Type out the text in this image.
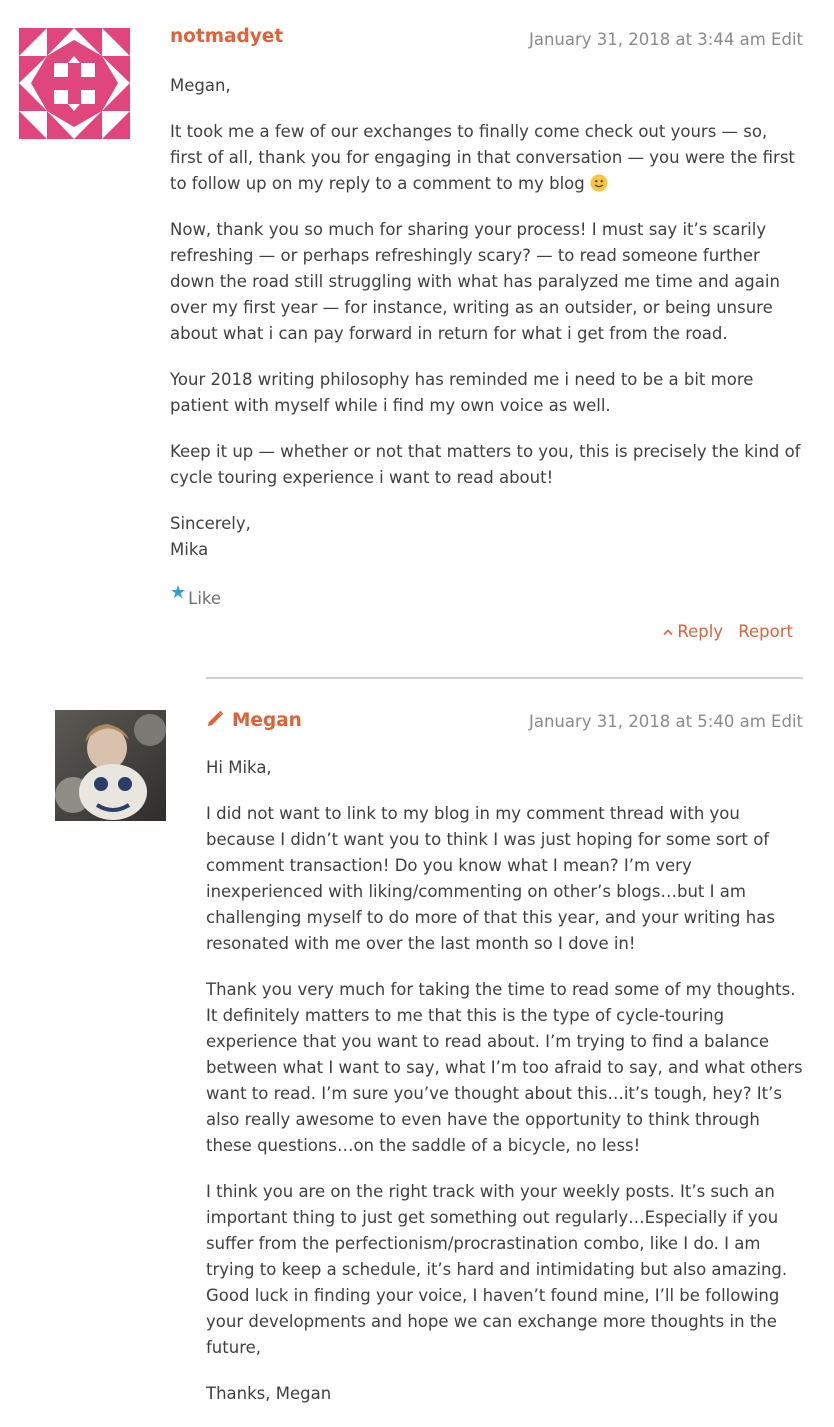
notmadyet	January 31, 2018 at 3:44 am Edit

Megan,

It took me a few of our exchanges to finally come check out yours — so, first of all, thank you for engaging in that conversation — you were the first to follow up on my reply to a comment to my blog

Now, thank you so much for sharing your process! I must say it’s scarily refreshing — or perhaps refreshingly scary? — to read someone further down the road still struggling with what has paralyzed me time and again over my first year — for instance, writing as an outsider, or being unsure about what i can pay forward in return for what i get from the road.

Your 2018 writing philosophy has reminded me i need to be a bit more patient with myself while i find my own voice as well.

Keep it up — whether or not that matters to you, this is precisely the kind of cycle touring experience i want to read about!

Sincerely,
Mika

★ Like
Reply Report
Megan	January 31, 2018 at 5:40 am Edit

Hi Mika,

I did not want to link to my blog in my comment thread with you because I didn’t want you to think I was just hoping for some sort of comment transaction! Do you know what I mean? I’m very inexperienced with liking/commenting on other’s blogs…but I am challenging myself to do more of that this year, and your writing has resonated with me over the last month so I dove in!

Thank you very much for taking the time to read some of my thoughts. It definitely matters to me that this is the type of cycle-touring experience that you want to read about. I’m trying to find a balance between what I want to say, what I’m too afraid to say, and what others want to read. I’m sure you’ve thought about this…it’s tough, hey? It’s also really awesome to even have the opportunity to think through these questions…on the saddle of a bicycle, no less!

I think you are on the right track with your weekly posts. It’s such an important thing to just get something out regularly…Especially if you suffer from the perfectionism/procrastination combo, like I do. I am trying to keep a schedule, it’s hard and intimidating but also amazing. Good luck in finding your voice, I haven’t found mine, I’ll be following your developments and hope we can exchange more thoughts in the future,

Thanks, Megan
